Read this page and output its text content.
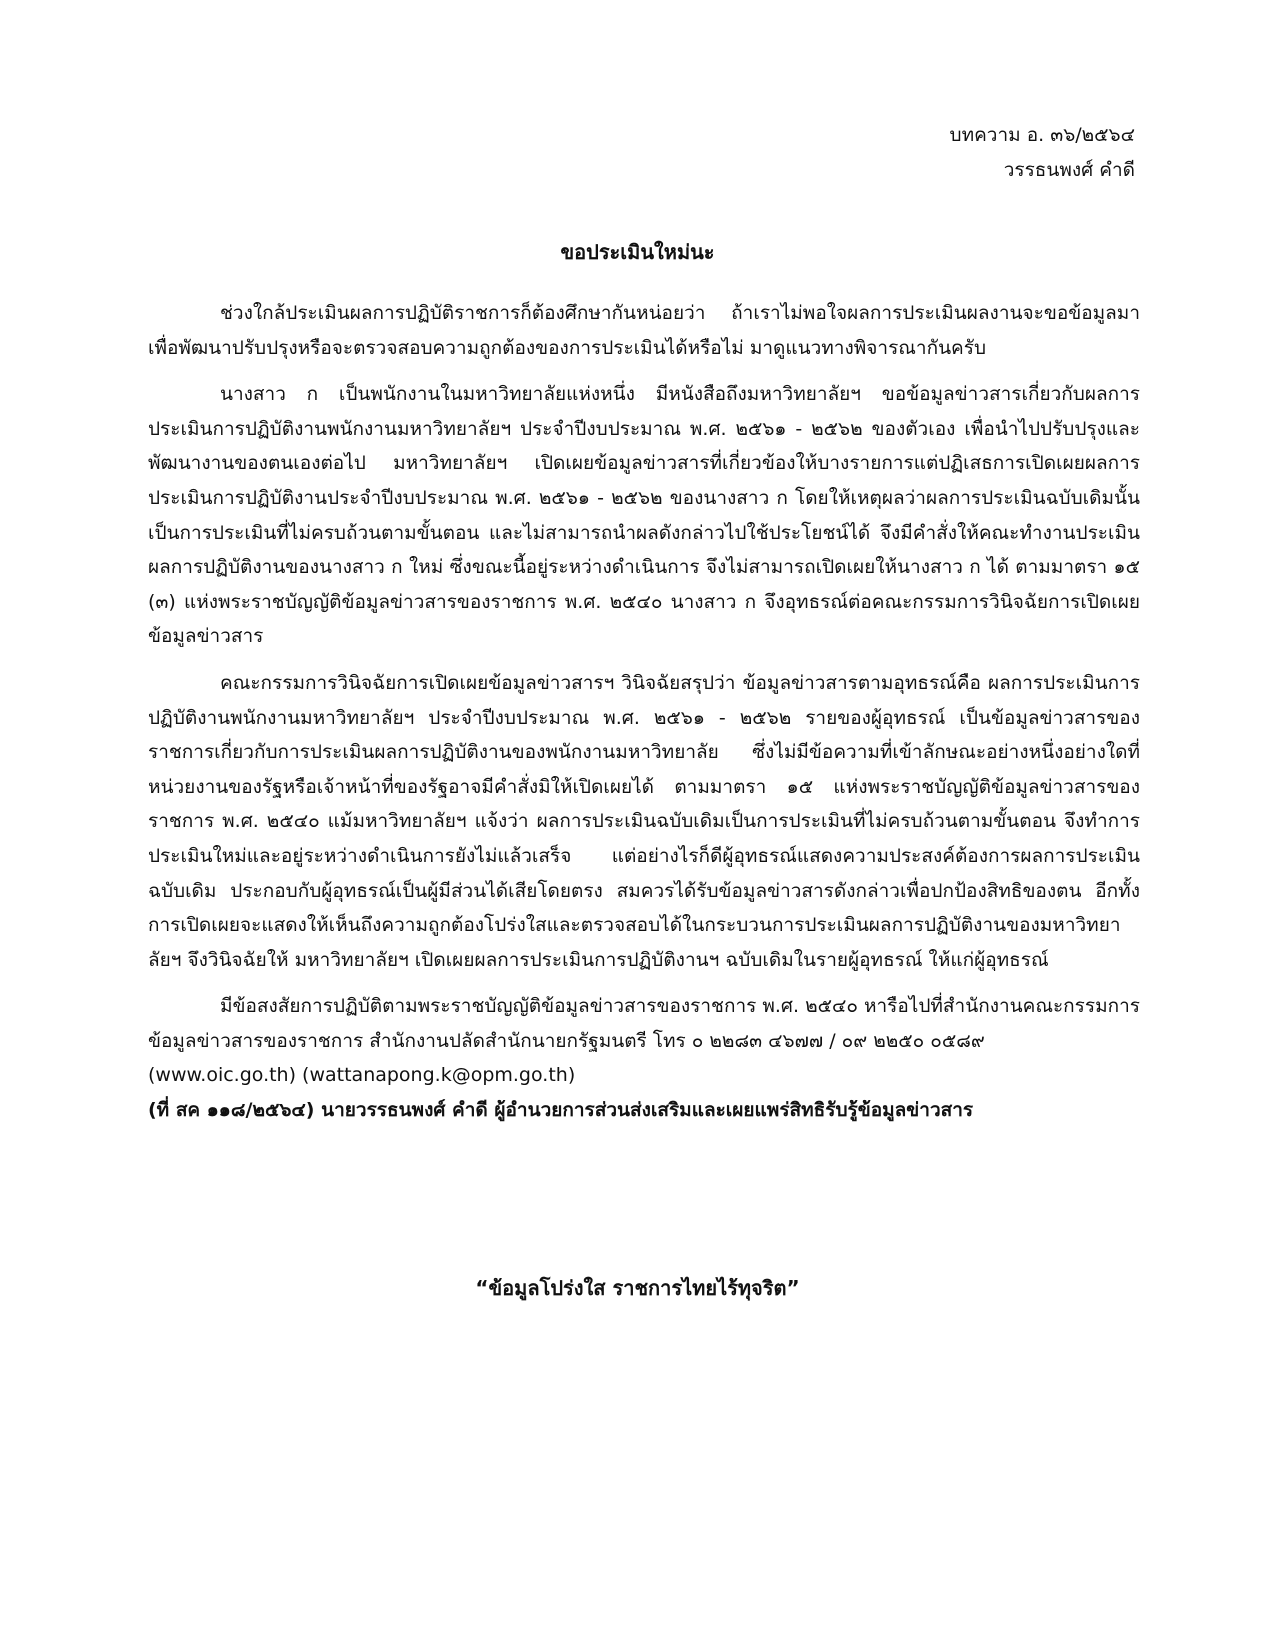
บทความ อ. ๓๖/๒๕๖๔
วรรธนพงศ์ คำดี
ขอประเมินใหม่นะ

ช่วงใกล้ประเมินผลการปฏิบัติราชการก็ต้องศึกษากันหน่อยว่า ถ้าเราไม่พอใจผลการประเมินผลงานจะขอข้อมูลมาเพื่อพัฒนาปรับปรุงหรือจะตรวจสอบความถูกต้องของการประเมินได้หรือไม่ มาดูแนวทางพิจารณากันครับ

นางสาว ก เป็นพนักงานในมหาวิทยาลัยแห่งหนึ่ง มีหนังสือถึงมหาวิทยาลัยฯ ขอข้อมูลข่าวสารเกี่ยวกับผลการประเมินการปฏิบัติงานพนักงานมหาวิทยาลัยฯ ประจำปีงบประมาณ พ.ศ. ๒๕๖๑ - ๒๕๖๒ ของตัวเอง เพื่อนำไปปรับปรุงและพัฒนางานของตนเองต่อไป มหาวิทยาลัยฯ เปิดเผยข้อมูลข่าวสารที่เกี่ยวข้องให้บางรายการแต่ปฏิเสธการเปิดเผยผลการประเมินการปฏิบัติงานประจำปีงบประมาณ พ.ศ. ๒๕๖๑ - ๒๕๖๒ ของนางสาว ก โดยให้เหตุผลว่าผลการประเมินฉบับเดิมนั้น เป็นการประเมินที่ไม่ครบถ้วนตามขั้นตอน และไม่สามารถนำผลดังกล่าวไปใช้ประโยชน์ได้ จึงมีคำสั่งให้คณะทำงานประเมินผลการปฏิบัติงานของนางสาว ก ใหม่ ซึ่งขณะนี้อยู่ระหว่างดำเนินการ จึงไม่สามารถเปิดเผยให้นางสาว ก ได้ ตามมาตรา ๑๕ (๓) แห่งพระราชบัญญัติข้อมูลข่าวสารของราชการ พ.ศ. ๒๕๔๐ นางสาว ก จึงอุทธรณ์ต่อคณะกรรมการวินิจฉัยการเปิดเผยข้อมูลข่าวสาร

คณะกรรมการวินิจฉัยการเปิดเผยข้อมูลข่าวสารฯ วินิจฉัยสรุปว่า ข้อมูลข่าวสารตามอุทธรณ์คือ ผลการประเมินการปฏิบัติงานพนักงานมหาวิทยาลัยฯ ประจำปีงบประมาณ พ.ศ. ๒๕๖๑ - ๒๕๖๒ รายของผู้อุทธรณ์ เป็นข้อมูลข่าวสารของราชการเกี่ยวกับการประเมินผลการปฏิบัติงานของพนักงานมหาวิทยาลัย ซึ่งไม่มีข้อความที่เข้าลักษณะอย่างหนึ่งอย่างใดที่หน่วยงานของรัฐหรือเจ้าหน้าที่ของรัฐอาจมีคำสั่งมิให้เปิดเผยได้ ตามมาตรา ๑๕ แห่งพระราชบัญญัติข้อมูลข่าวสารของราชการ พ.ศ. ๒๕๔๐ แม้มหาวิทยาลัยฯ แจ้งว่า ผลการประเมินฉบับเดิมเป็นการประเมินที่ไม่ครบถ้วนตามขั้นตอน จึงทำการประเมินใหม่และอยู่ระหว่างดำเนินการยังไม่แล้วเสร็จ แต่อย่างไรก็ดีผู้อุทธรณ์แสดงความประสงค์ต้องการผลการประเมินฉบับเดิม ประกอบกับผู้อุทธรณ์เป็นผู้มีส่วนได้เสียโดยตรง สมควรได้รับข้อมูลข่าวสารดังกล่าวเพื่อปกป้องสิทธิของตน อีกทั้งการเปิดเผยจะแสดงให้เห็นถึงความถูกต้องโปร่งใสและตรวจสอบได้ในกระบวนการประเมินผลการปฏิบัติงานของมหาวิทยาลัยฯ จึงวินิจฉัยให้ มหาวิทยาลัยฯ เปิดเผยผลการประเมินการปฏิบัติงานฯ ฉบับเดิมในรายผู้อุทธรณ์ ให้แก่ผู้อุทธรณ์

มีข้อสงสัยการปฏิบัติตามพระราชบัญญัติข้อมูลข่าวสารของราชการ พ.ศ. ๒๕๔๐ หารือไปที่สำนักงานคณะกรรมการข้อมูลข่าวสารของราชการ สำนักงานปลัดสำนักนายกรัฐมนตรี โทร ๐ ๒๒๘๓ ๔๖๗๗ / ๐๙ ๒๒๕๐ ๐๕๘๙
(www.oic.go.th) (wattanapong.k@opm.go.th)
(ที่ สค ๑๑๘/๒๕๖๔) นายวรรธนพงศ์ คำดี ผู้อำนวยการส่วนส่งเสริมและเผยแพร่สิทธิรับรู้ข้อมูลข่าวสาร
“ข้อมูลโปร่งใส ราชการไทยไร้ทุจริต”
